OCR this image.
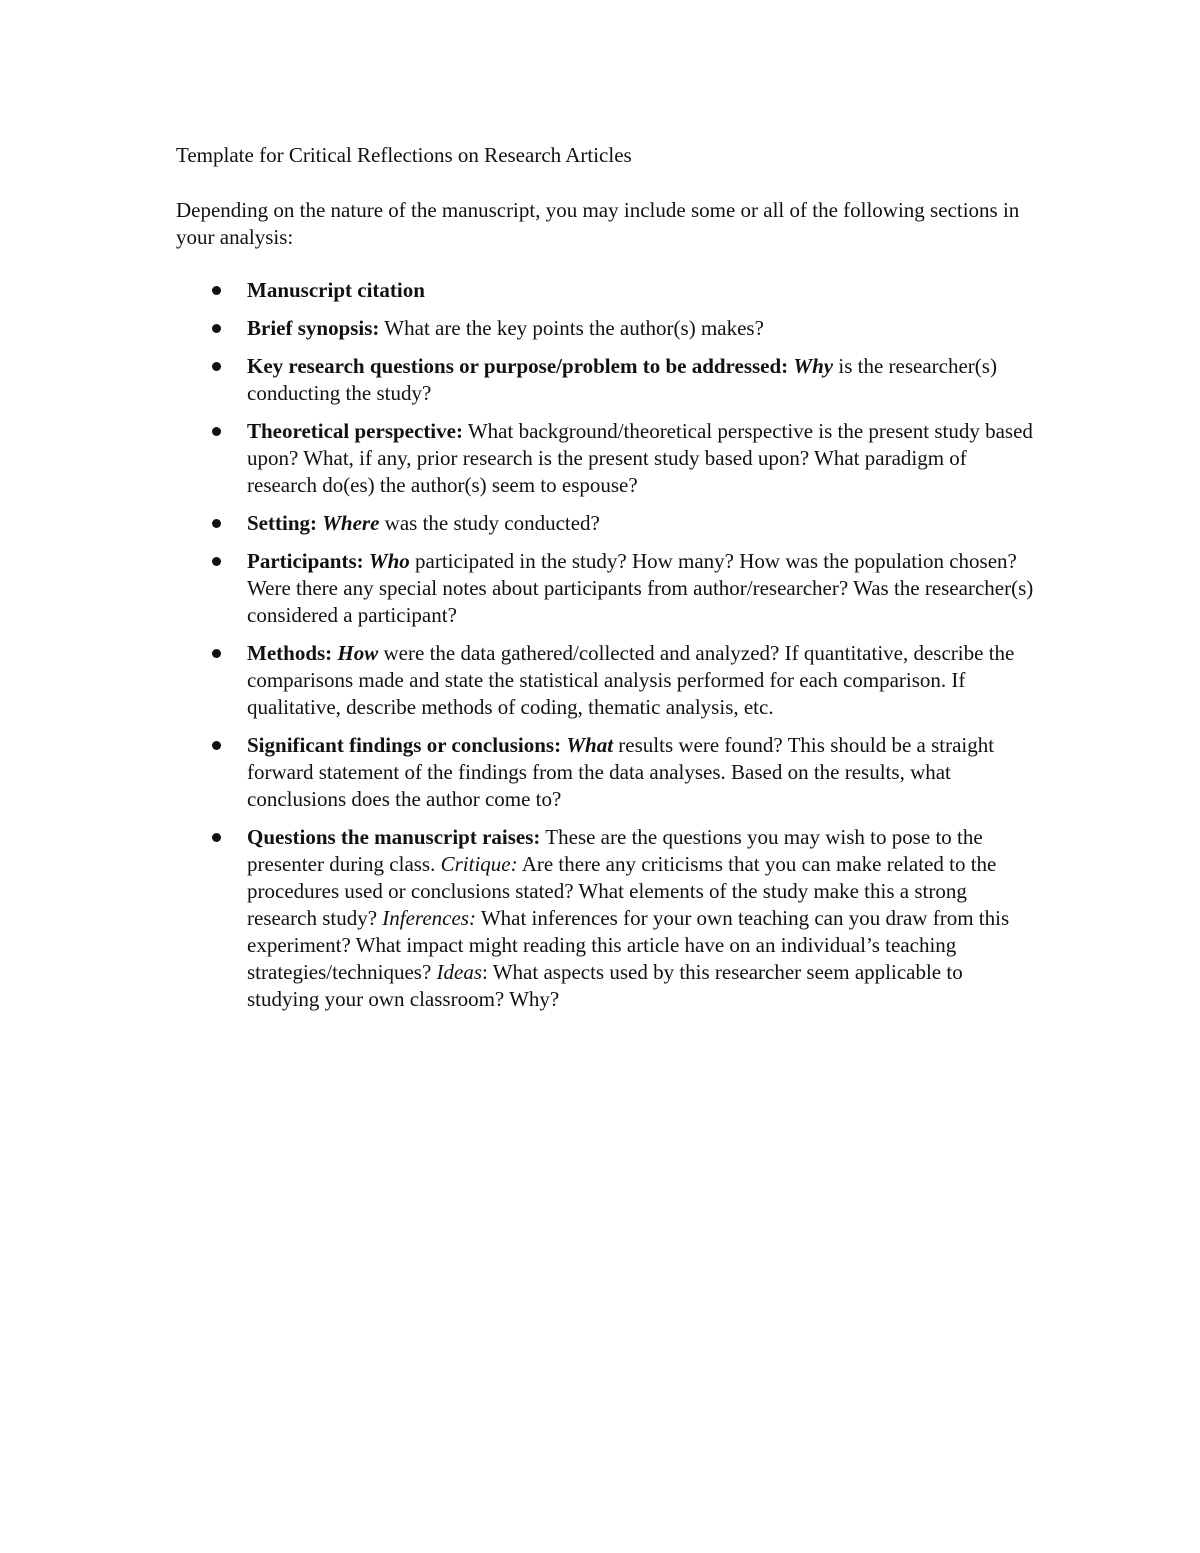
Template for Critical Reflections on Research Articles

Depending on the nature of the manuscript, you may include some or all of the following sections in your analysis:

Manuscript citation
Brief synopsis: What are the key points the author(s) makes?
Key research questions or purpose/problem to be addressed: Why is the researcher(s) conducting the study?
Theoretical perspective: What background/theoretical perspective is the present study based upon? What, if any, prior research is the present study based upon? What paradigm of research do(es) the author(s) seem to espouse?
Setting: Where was the study conducted?
Participants: Who participated in the study? How many? How was the population chosen? Were there any special notes about participants from author/researcher? Was the researcher(s) considered a participant?
Methods: How were the data gathered/collected and analyzed? If quantitative, describe the comparisons made and state the statistical analysis performed for each comparison. If qualitative, describe methods of coding, thematic analysis, etc.
Significant findings or conclusions: What results were found? This should be a straight forward statement of the findings from the data analyses. Based on the results, what conclusions does the author come to?
Questions the manuscript raises: These are the questions you may wish to pose to the presenter during class. Critique: Are there any criticisms that you can make related to the procedures used or conclusions stated? What elements of the study make this a strong research study? Inferences: What inferences for your own teaching can you draw from this experiment? What impact might reading this article have on an individual’s teaching strategies/techniques? Ideas: What aspects used by this researcher seem applicable to studying your own classroom? Why?
